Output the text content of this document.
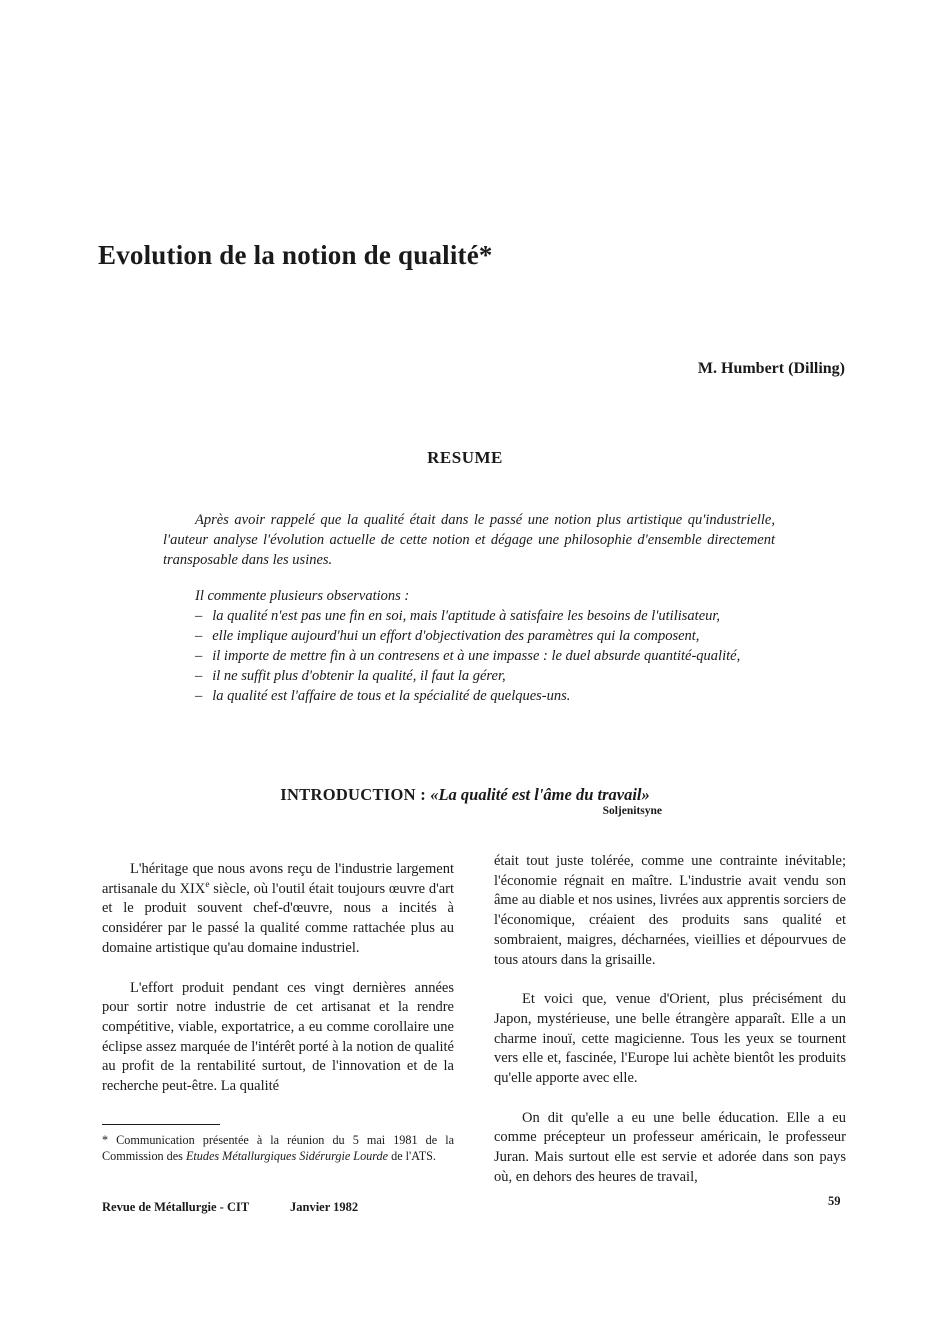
Evolution de la notion de qualité*
M. Humbert (Dilling)
RESUME
Après avoir rappelé que la qualité était dans le passé une notion plus artistique qu'industrielle, l'auteur analyse l'évolution actuelle de cette notion et dégage une philosophie d'ensemble directement transposable dans les usines.

Il commente plusieurs observations :

– la qualité n'est pas une fin en soi, mais l'aptitude à satisfaire les besoins de l'utilisateur,

– elle implique aujourd'hui un effort d'objectivation des paramètres qui la composent,

– il importe de mettre fin à un contresens et à une impasse : le duel absurde quantité-qualité,

– il ne suffit plus d'obtenir la qualité, il faut la gérer,

– la qualité est l'affaire de tous et la spécialité de quelques-uns.

INTRODUCTION : «La qualité est l'âme du travail»
Soljenitsyne

L'héritage que nous avons reçu de l'industrie largement artisanale du XIXe siècle, où l'outil était toujours œuvre d'art et le produit souvent chef-d'œuvre, nous a incités à considérer par le passé la qualité comme rattachée plus au domaine artistique qu'au domaine industriel.

L'effort produit pendant ces vingt dernières années pour sortir notre industrie de cet artisanat et la rendre compétitive, viable, exportatrice, a eu comme corollaire une éclipse assez marquée de l'intérêt porté à la notion de qualité au profit de la rentabilité surtout, de l'innovation et de la recherche peut-être. La qualité

était tout juste tolérée, comme une contrainte inévitable; l'économie régnait en maître. L'industrie avait vendu son âme au diable et nos usines, livrées aux apprentis sorciers de l'économique, créaient des produits sans qualité et sombraient, maigres, décharnées, vieillies et dépourvues de tous atours dans la grisaille.

Et voici que, venue d'Orient, plus précisément du Japon, mystérieuse, une belle étrangère apparaît. Elle a un charme inouï, cette magicienne. Tous les yeux se tournent vers elle et, fascinée, l'Europe lui achète bientôt les produits qu'elle apporte avec elle.

On dit qu'elle a eu une belle éducation. Elle a eu comme précepteur un professeur américain, le professeur Juran. Mais surtout elle est servie et adorée dans son pays où, en dehors des heures de travail,

* Communication présentée à la réunion du 5 mai 1981 de la Commission des Etudes Métallurgiques Sidérurgie Lourde de l'ATS.
Revue de Métallurgie - CIT	Janvier 1982	59
